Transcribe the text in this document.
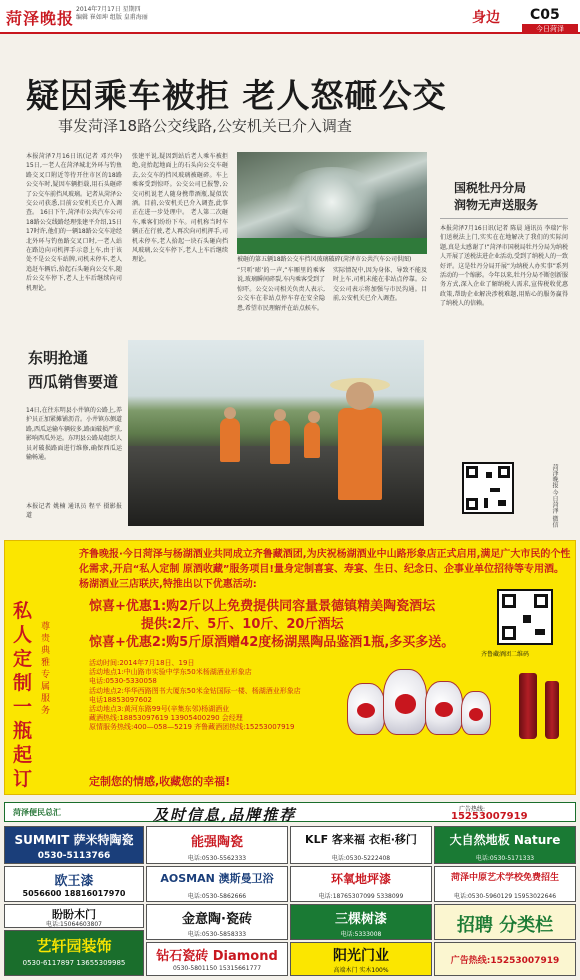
菏泽晚报 2014年7月17日 星期四
编辑 崔如坤 组版 皇甫海丽	身边 C05
今日菏泽
疑因乘车被拒 老人怒砸公交
事发菏泽18路公交线路,公安机关已介入调查
本报菏泽7月16日讯(记者 邓兴华) 15日,一老人在菏泽城北外环与钓鱼路交叉口附近等待开往市区的18路公交车时,疑因车辆拒载,用石头砸碎了公交车前挡风玻璃。记者从菏泽公交公司获悉,目前公安机关已介入调查。 16日下午,菏泽市公共汽车公司18路公交线路经理张建平介绍,15日17时许,他们的一辆18路公交车途经北外环与钓鱼路交叉口时,一老人站在路边向司机挥手示意上车,由于该处不是公交车站牌,司机未停车,老人追赶车辆后,拾起石头砸向公交车,随后公交车停下,老人上车后继续向司机理论。
张建平说,疑因到站后老人乘车被拒绝,竟抬起地面上的石头向公交车砸去,公交车的挡风玻璃被砸碎。车上乘客受到惊吓。公交公司已报警,公交司机说老人随身携带酒瓶,疑似饮酒。目前,公安机关已介入调查,此事正在进一步处理中。 老人第二次砸车,乘客们纷纷下车。司机称当时车辆正在行驶,老人再次向司机挥手,司机未停车,老人拾起一块石头砸向挡风玻璃,公交车停下,老人上车后继续理论。	被砸的第五辆18路公交车挡风玻璃破碎(菏泽市公共汽车公司供图)
“只听‘嘭’的一声,”车厢里的乘客说,玻璃瞬间碎裂,车内乘客受到了惊吓。公交公司相关负责人表示,公交车在非站点停车存在安全隐患,希望市民理解并在站点候车。
实际情况中,因为身体、导致不能及时上车,司机未能在非站点停靠。公交公司表示将加强与市民沟通。目前,公安机关已介入调查。
国税牡丹分局
润物无声送服务
本报菏泽7月16日讯(记者 陈晨 通讯员 李瑞)“你们送税法上门,实实在在地解决了我们的实际问题,真是太感谢了!”菏泽市国税局牡丹分局为纳税人开展了送税法进企业活动,受到了纳税人的一致好评。这是牡丹分局开展“为纳税人办实事”系列活动的一个缩影。今年以来,牡丹分局不断创新服务方式,深入企业了解纳税人需求,宣传税收优惠政策,帮助企业解决涉税难题,用贴心的服务赢得了纳税人的信赖。
菏泽晚报 今日菏泽 微信
东明抢通
西瓜销售要道
14日,在往东明县小井镇的公路上,养护员正加紧摊铺沥青。小井镇东侧道路,西瓜运输车辆较多,路面破损严重,影响西瓜外运。东明县公路局组织人员对破损路面进行维修,确保西瓜运输畅通。
本报记者 姚楠 通讯员 程平 摄影报道
齐鲁晚报·今日菏泽与杨湖酒业共同成立齐鲁藏酒团,为庆祝杨湖酒业中山路形象店正式启用,满足广大市民的个性化需求,开启“私人定制 原酒收藏”服务项目!量身定制喜宴、寿宴、生日、纪念日、企事业单位招待等专用酒。杨湖酒业三店联庆,特推出以下优惠活动:
私人定制一瓶起订
尊贵典雅 专属服务
惊喜+优惠1:购2斤以上免费提供同容量景德镇精美陶瓷酒坛
提供:2斤、5斤、10斤、20斤酒坛
惊喜+优惠2:购5斤原酒赠42度杨湖黑陶品鉴酒1瓶,多买多送。
活动时间:2014年7月18日、19日
活动地点1:中山路市实验中学东50米杨湖酒业形象店
电话:0530-5330058
活动地点2:华华西路图书大厦东50米金钻国际一楼、杨湖酒业形象店
电话18853097602
活动地点3:黄河东路99号(辛集东邻)杨湖酒业
藏酒热线:18853097619 13905400290 会经理
原情服务热线:400—058—5219 齐鲁藏酒团热线:15253007919
定制您的情感,收藏您的幸福!
齐鲁藏酒团二维码
菏泽便民总汇	及时信息,品牌推荐	广告热线:
15253007919
SUMMIT 萨米特陶瓷
0530-5113766
能强陶瓷
电话:0530-5562333
KLF 客来福 衣柜·移门
电话:0530-5222408
大自然地板 Nature
电话:0530-5171333
欧王漆
5056600 18816017970
AOSMAN 澳斯曼卫浴
电话:0530-5862666
环氧地坪漆
电话:18765307099 5338099
菏泽中原艺术学校免费招生
电话:0530-5960129 15953022646
盼盼木门
电话:15064603807	金意陶·瓷砖
电话:0530-5858333
三棵树漆
电话:5333008	招聘 分类栏
艺轩园装饰
0530-6117897 13655309985	钻石瓷砖 Diamond
0530-5801150 15315661777
阳光门业
高端木门 实木100%
广告热线:15253007919
